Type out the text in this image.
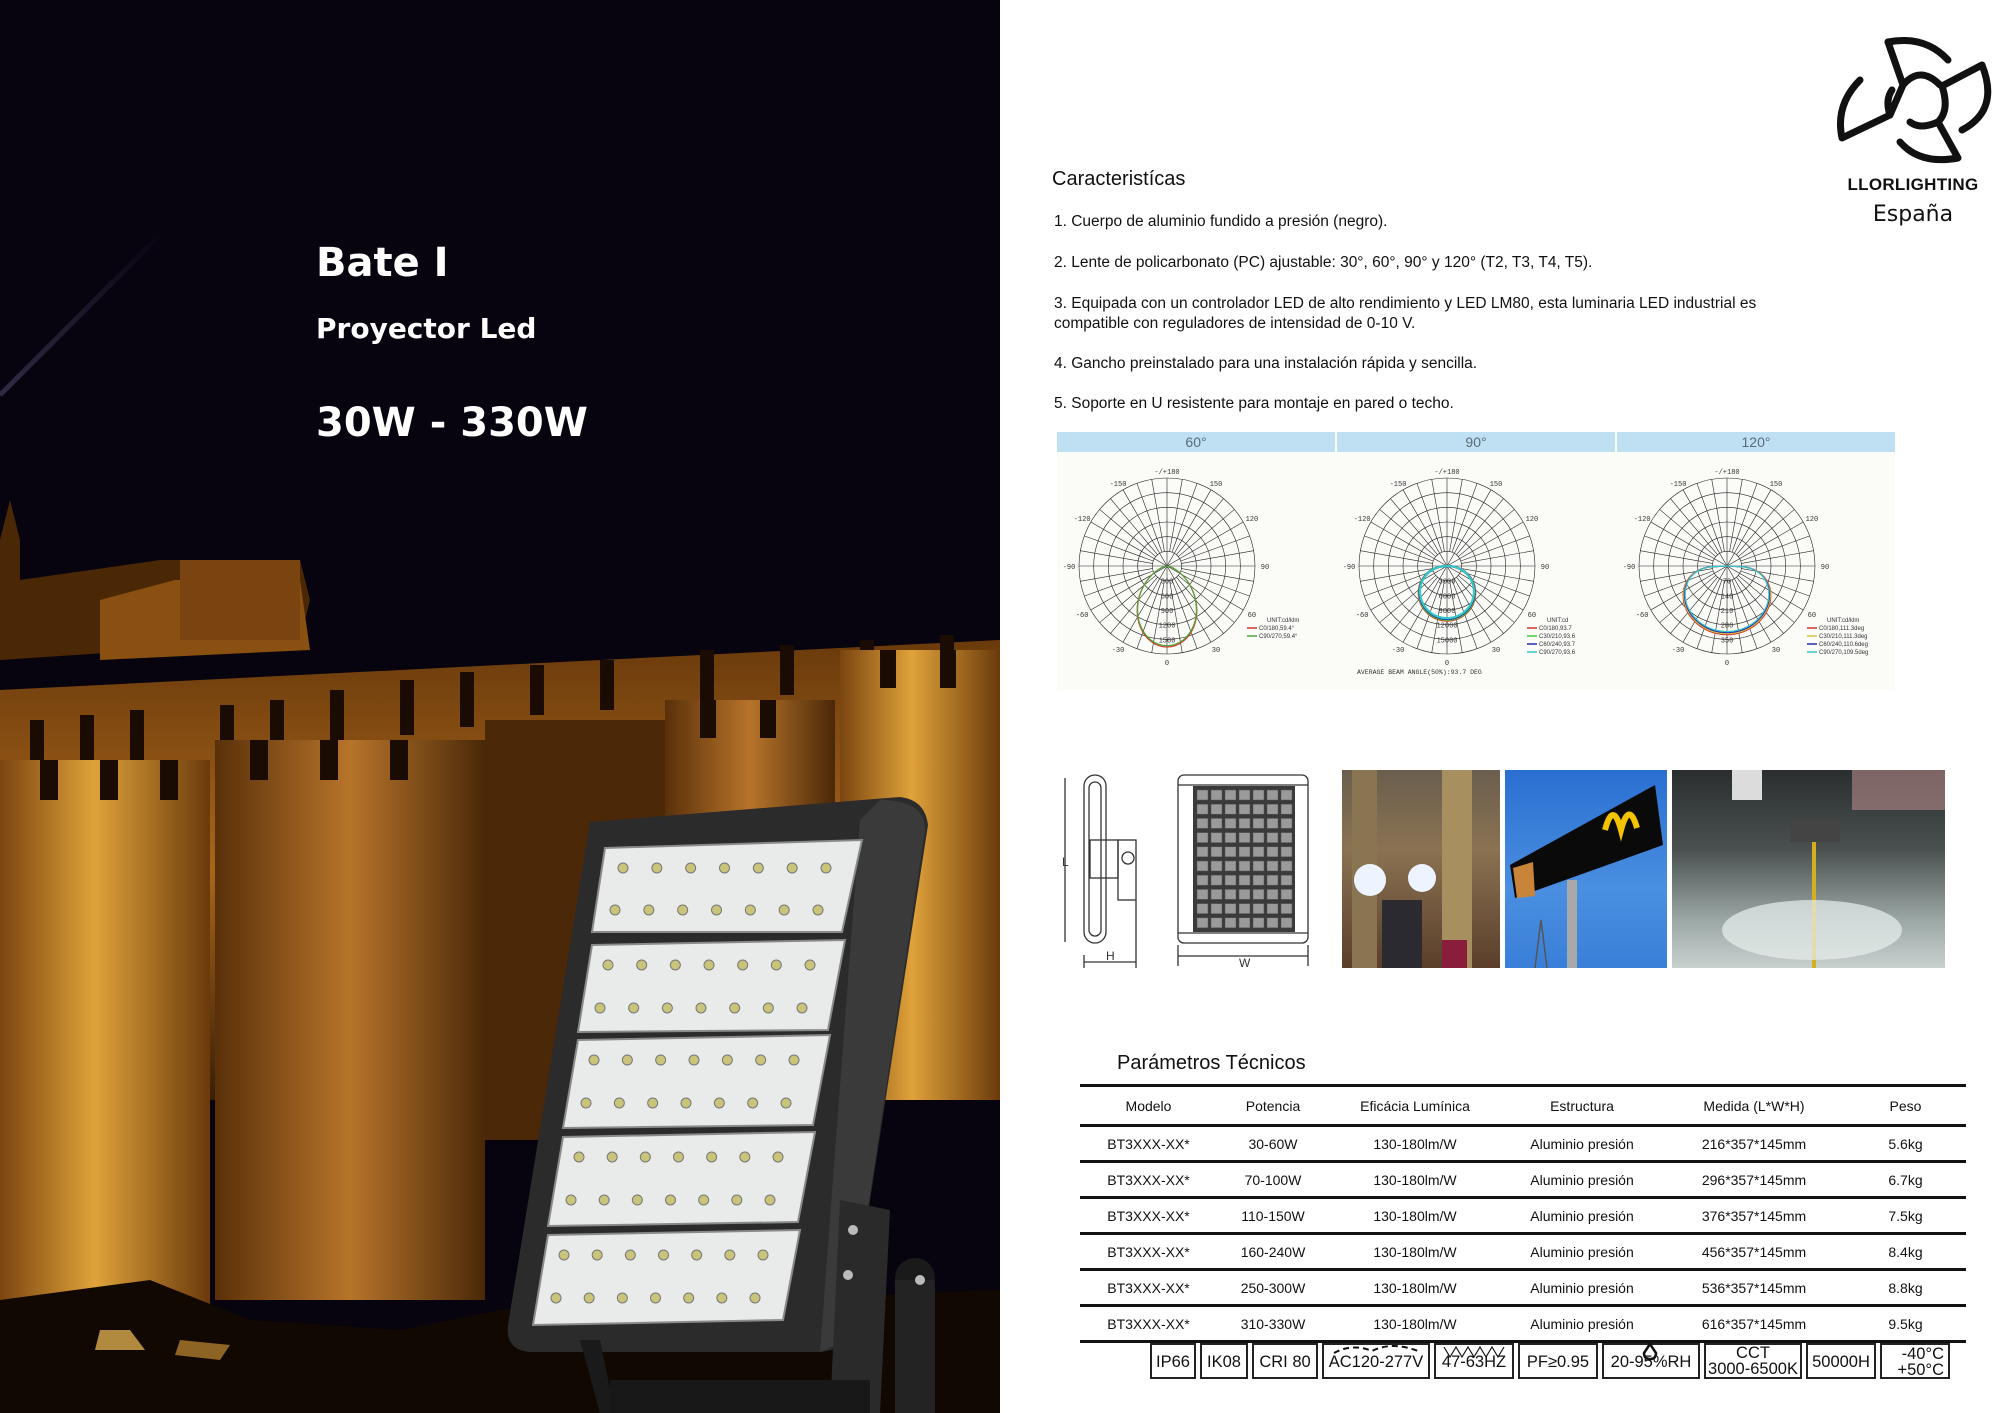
Bate I
Proyector Led
30W - 330W
LLORLIGHTING
España
Caracteristícas
1. Cuerpo de aluminio fundido a presión (negro).
2. Lente de policarbonato (PC) ajustable: 30°, 60°, 90° y 120° (T2, T3, T4, T5).
3. Equipada con un controlador LED de alto rendimiento y LED LM80, esta luminaria LED industrial es compatible con reguladores de intensidad de 0-10 V.
4. Gancho preinstalado para una instalación rápida y sencilla.
5. Soporte en U resistente para montaje en pared o techo.
60°	90°	120°
-150	150
-120	120
-90	90
-60	60
-30	30
0
-/+180
300
600
900
1200
1500
UNIT:cd/klm
C0/180,59.4°
C90/270,59.4°
-150	150
-120	120
-90	90
-60	60
-30	30
0
-/+180
3000
6000
9000
12000
15000
UNIT:cd
C0/180,93.7
C30/210,93.6
C60/240,93.7
C90/270,93.6
AVERAGE BEAM ANGLE(50%):93.7 DEG
-150	150
-120	120
-90	90
-60	60
-30	30
0
-/+180
70
140
210
280
350
UNIT:cd/klm
C0/180,111.3deg
C30/210,111.3deg
C60/240,110.6deg
C90/270,109.5deg
L
H	W
Parámetros Técnicos
Modelo	Potencia	Eficácia Lumínica	Estructura	Medida (L*W*H)	Peso
BT3XXX-XX*	30-60W	130-180lm/W	Aluminio presión	216*357*145mm	5.6kg
BT3XXX-XX*	70-100W	130-180lm/W	Aluminio presión	296*357*145mm	6.7kg
BT3XXX-XX*	110-150W	130-180lm/W	Aluminio presión	376*357*145mm	7.5kg
BT3XXX-XX*	160-240W	130-180lm/W	Aluminio presión	456*357*145mm	8.4kg
BT3XXX-XX*	250-300W	130-180lm/W	Aluminio presión	536*357*145mm	8.8kg
BT3XXX-XX*	310-330W	130-180lm/W	Aluminio presión	616*357*145mm	9.5kg
IP66	IK08	CRI 80	AC120-277V	47-63HZ	PF≥0.95	20-95%RH	CCT
3000-6500K 50000H	-40°C
+50°C
